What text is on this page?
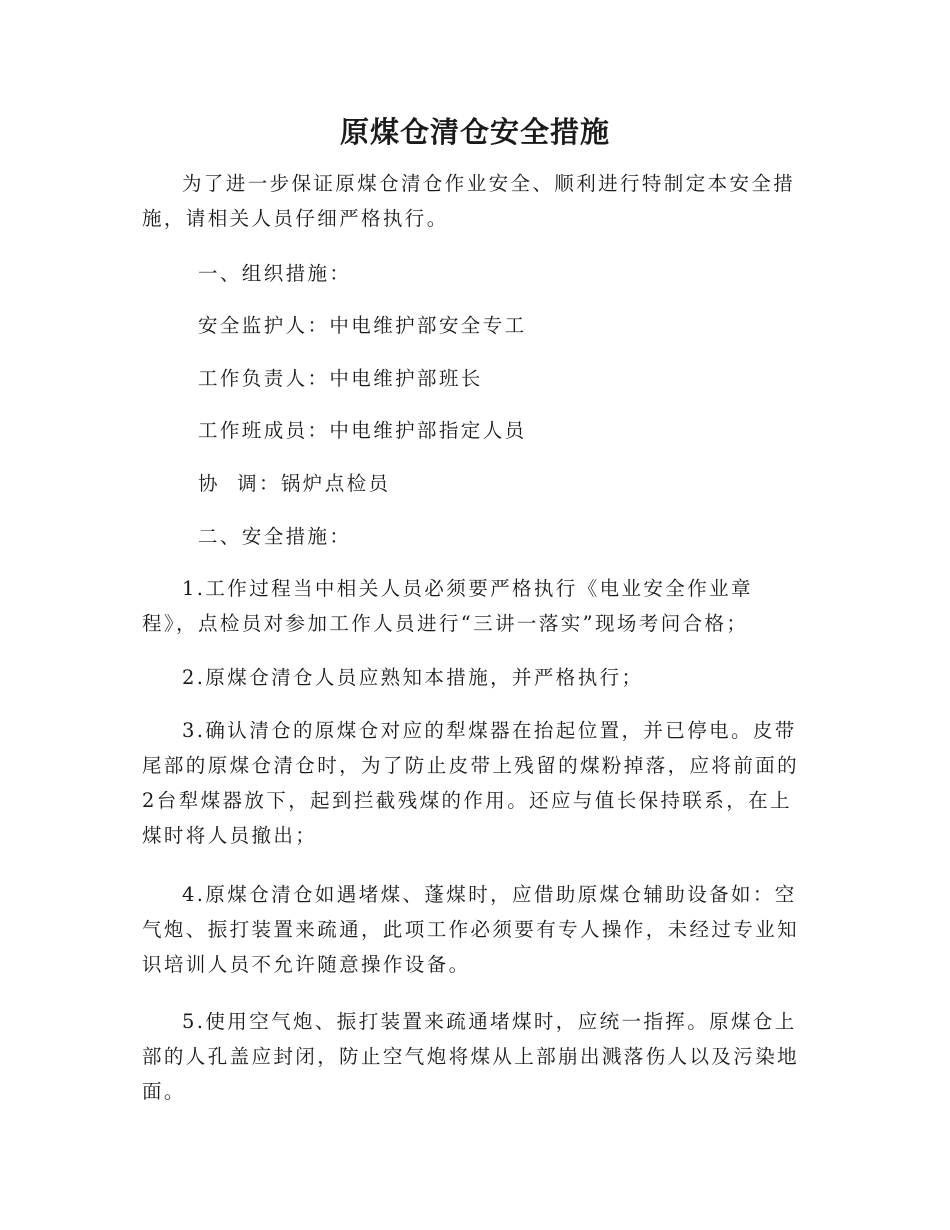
原煤仓清仓安全措施

为了进一步保证原煤仓清仓作业安全、顺利进行特制定本安全措施，请相关人员仔细严格执行。

一、组织措施：

安全监护人：中电维护部安全专工

工作负责人：中电维护部班长

工作班成员：中电维护部指定人员

协  调：锅炉点检员

二、安全措施：

1.工作过程当中相关人员必须要严格执行《电业安全作业章程》，点检员对参加工作人员进行“三讲一落实”现场考问合格；

2.原煤仓清仓人员应熟知本措施，并严格执行；

3.确认清仓的原煤仓对应的犁煤器在抬起位置，并已停电。皮带尾部的原煤仓清仓时，为了防止皮带上残留的煤粉掉落，应将前面的2台犁煤器放下，起到拦截残煤的作用。还应与值长保持联系，在上煤时将人员撤出；

4.原煤仓清仓如遇堵煤、蓬煤时，应借助原煤仓辅助设备如：空气炮、振打装置来疏通，此项工作必须要有专人操作，未经过专业知识培训人员不允许随意操作设备。

5.使用空气炮、振打装置来疏通堵煤时，应统一指挥。原煤仓上部的人孔盖应封闭，防止空气炮将煤从上部崩出溅落伤人以及污染地面。
